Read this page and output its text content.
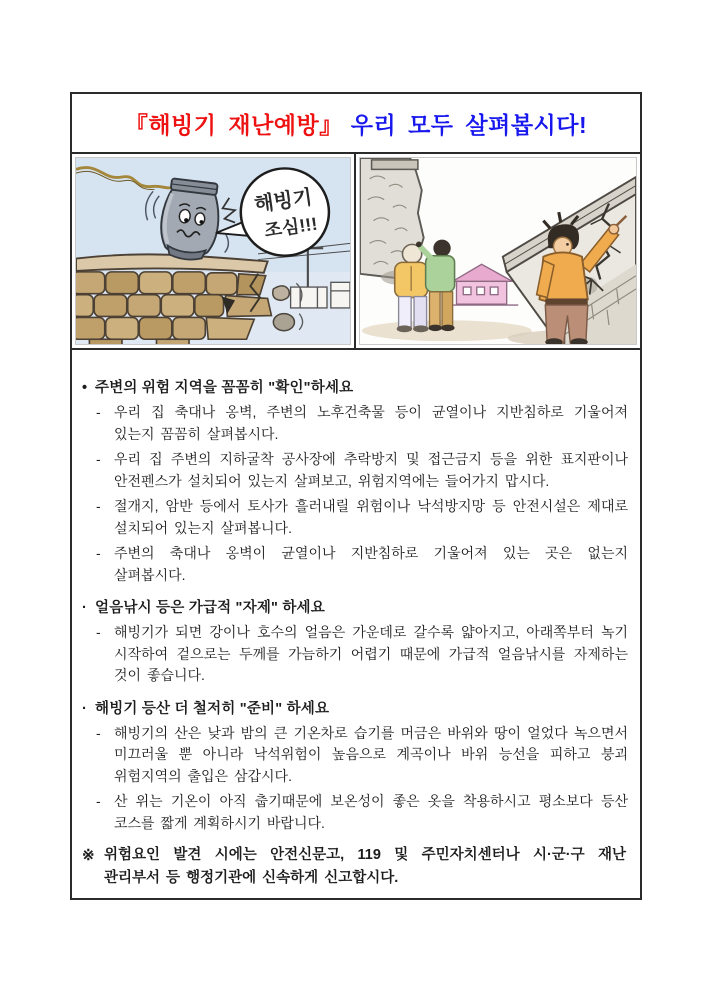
『해빙기 재난예방』 우리 모두 살펴봅시다!
해빙기
조심!!!
• 주변의 위험 지역을 꼼꼼히 "확인"하세요
- 우리 집 축대나 옹벽, 주변의 노후건축물 등이 균열이나 지반침하로 기울어져 있는지 꼼꼼히 살펴봅시다.

- 우리 집 주변의 지하굴착 공사장에 추락방지 및 접근금지 등을 위한 표지판이나 안전펜스가 설치되어 있는지 살펴보고, 위험지역에는 들어가지 맙시다.

- 절개지, 암반 등에서 토사가 흘러내릴 위험이나 낙석방지망 등 안전시설은 제대로 설치되어 있는지 살펴봅니다.

- 주변의 축대나 옹벽이 균열이나 지반침하로 기울어져 있는 곳은 없는지 살펴봅시다.

· 얼음낚시 등은 가급적 "자제" 하세요
- 해빙기가 되면 강이나 호수의 얼음은 가운데로 갈수록 얇아지고, 아래쪽부터 녹기 시작하여 겉으로는 두께를 가늠하기 어렵기 때문에 가급적 얼음낚시를 자제하는 것이 좋습니다.

· 해빙기 등산 더 철저히 "준비" 하세요
- 해빙기의 산은 낮과 밤의 큰 기온차로 습기를 머금은 바위와 땅이 얼었다 녹으면서 미끄러울 뿐 아니라 낙석위험이 높음으로 계곡이나 바위 능선을 피하고 붕괴 위험지역의 출입은 삼갑시다.

- 산 위는 기온이 아직 춥기때문에 보온성이 좋은 옷을 착용하시고 평소보다 등산 코스를 짧게 계획하시기 바랍니다.

※ 위험요인 발견 시에는 안전신문고, 119 및 주민자치센터나 시·군·구 재난 관리부서 등 행정기관에 신속하게 신고합시다.
